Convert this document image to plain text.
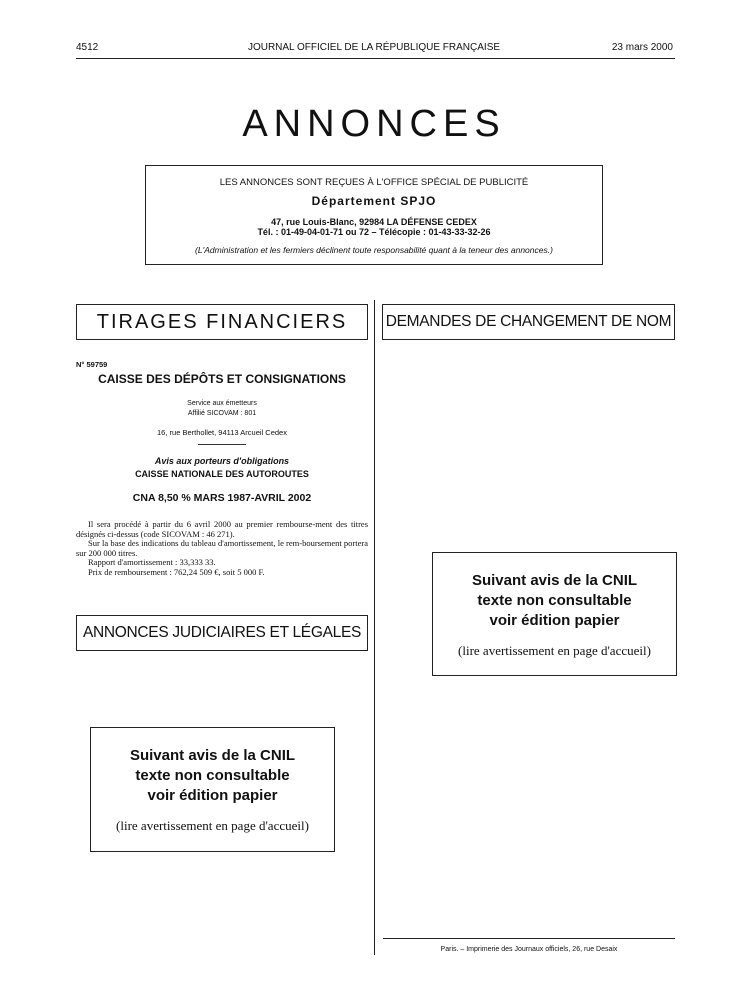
4512	JOURNAL OFFICIEL DE LA RÉPUBLIQUE FRANÇAISE	23 mars 2000
ANNONCES
LES ANNONCES SONT REÇUES À L'OFFICE SPÉCIAL DE PUBLICITÉ
Département SPJO
47, rue Louis-Blanc, 92984 LA DÉFENSE CEDEX
Tél. : 01-49-04-01-71 ou 72 – Télécopie : 01-43-33-32-26
(L'Administration et les fermiers déclinent toute responsabilité quant à la teneur des annonces.)
TIRAGES FINANCIERS	DEMANDES DE CHANGEMENT DE NOM
ANNONCES JUDICIAIRES ET LÉGALES
N° 59759
CAISSE DES DÉPÔTS ET CONSIGNATIONS
Service aux émetteurs
Affilié SICOVAM : 801
16, rue Berthollet, 94113 Arcueil Cedex
Avis aux porteurs d'obligations
CAISSE NATIONALE DES AUTOROUTES
CNA 8,50 % MARS 1987-AVRIL 2002

Il sera procédé à partir du 6 avril 2000 au premier rembourse-ment des titres désignés ci-dessus (code SICOVAM : 46 271).

Sur la base des indications du tableau d'amortissement, le rem-boursement portera sur 200 000 titres.

Rapport d'amortissement : 33,333 33.

Prix de remboursement : 762,24 509 €, soit 5 000 F.

Suivant avis de la CNIL
texte non consultable
voir édition papier
(lire avertissement en page d'accueil)
Suivant avis de la CNIL
texte non consultable
voir édition papier
(lire avertissement en page d'accueil)
Paris. – Imprimerie des Journaux officiels, 26, rue Desaix
